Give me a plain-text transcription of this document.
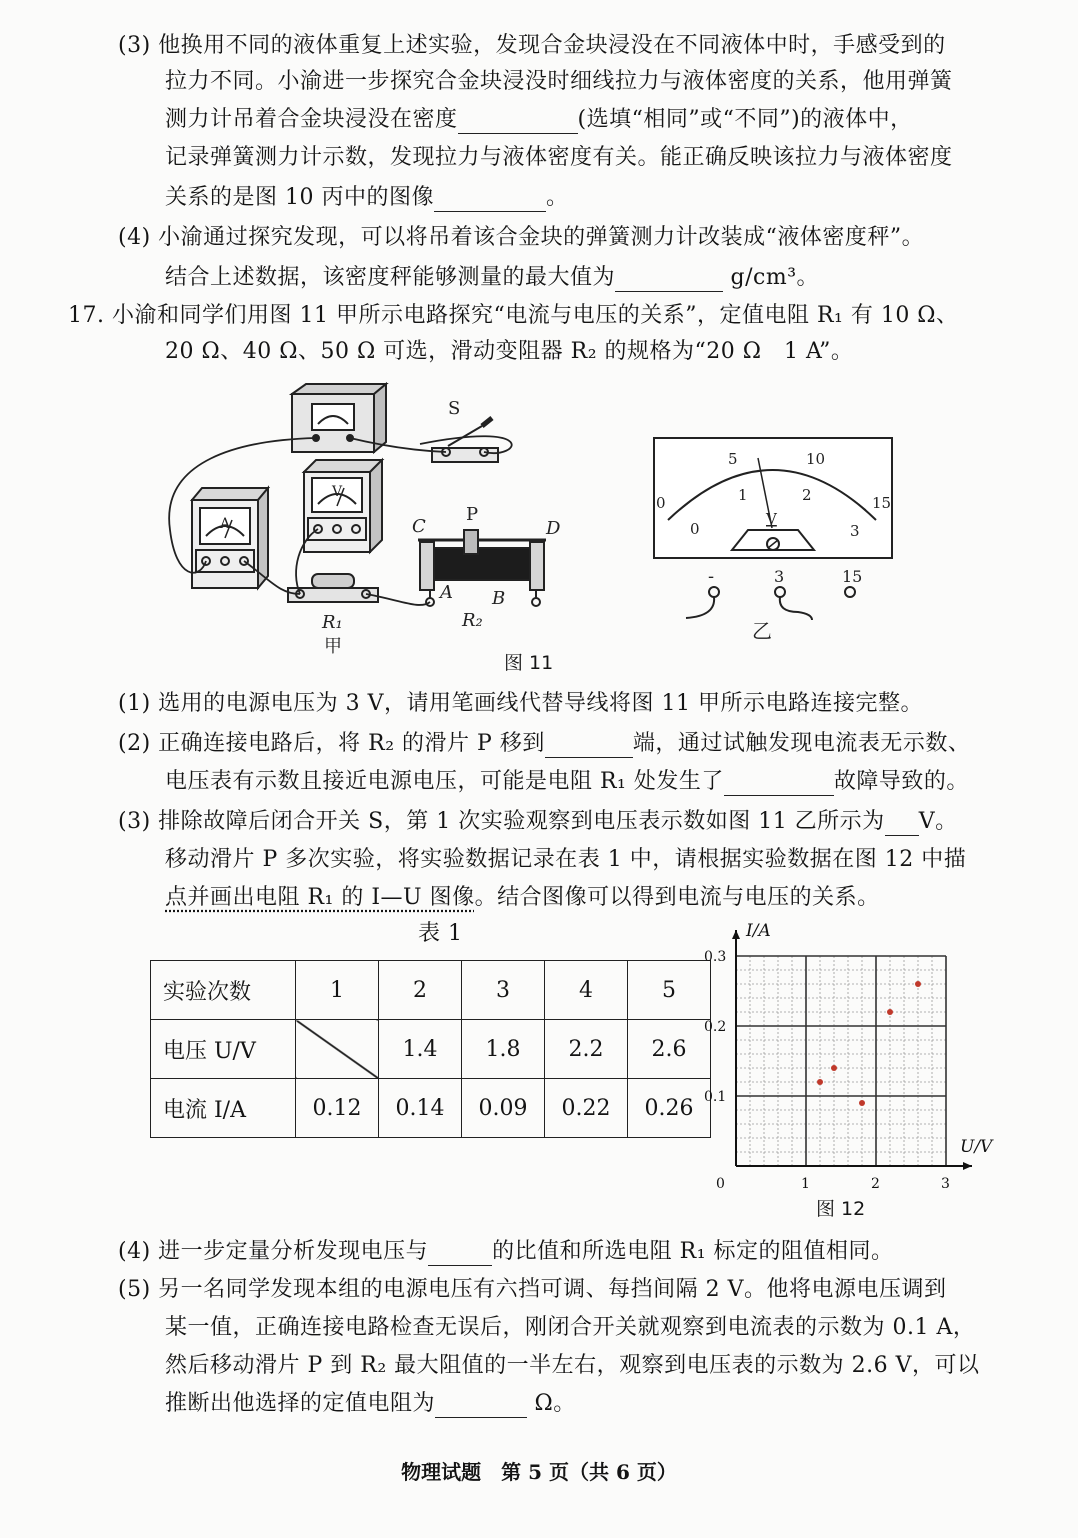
(3) 他换用不同的液体重复上述实验，发现合金块浸没在不同液体中时，手感受到的
拉力不同。小渝进一步探究合金块浸没时细线拉力与液体密度的关系，他用弹簧
测力计吊着合金块浸没在密度	(选填“相同”或“不同”)的液体中，
记录弹簧测力计示数，发现拉力与液体密度有关。能正确反映该拉力与液体密度
关系的是图 10 丙中的图像	。
(4) 小渝通过探究发现，可以将吊着该合金块的弹簧测力计改装成“液体密度秤”。
结合上述数据，该密度秤能够测量的最大值为	g/cm³。
17. 小渝和同学们用图 11 甲所示电路探究“电流与电压的关系”，定值电阻 R₁ 有 10 Ω、
20 Ω、40 Ω、50 Ω 可选，滑动变阻器 R₂ 的规格为“20 Ω　1 A”。
S
A
V
R₁
甲
C
P
D
A B
R₂
0
5	10
15
0
1	2
3
V
-	3	15
乙
图 11
(1) 选用的电源电压为 3 V，请用笔画线代替导线将图 11 甲所示电路连接完整。
(2) 正确连接电路后，将 R₂ 的滑片 P 移到	端，通过试触发现电流表无示数、
电压表有示数且接近电源电压，可能是电阻 R₁ 处发生了	故障导致的。
(3) 排除故障后闭合开关 S，第 1 次实验观察到电压表示数如图 11 乙所示为 V。
移动滑片 P 多次实验，将实验数据记录在表 1 中，请根据实验数据在图 12 中描
点并画出电阻 R₁ 的 I—U 图像。结合图像可以得到电流与电压的关系。
表 1
实验次数	1	2	3	4	5
电压 U/V		1.4	1.8	2.2	2.6
电流 I/A	0.12	0.14	0.09	0.22	0.26
I/A
U/V
0.1
0.2
0.3
0	1	2	3
图 12
(4) 进一步定量分析发现电压与	的比值和所选电阻 R₁ 标定的阻值相同。
(5) 另一名同学发现本组的电源电压有六挡可调、每挡间隔 2 V。他将电源电压调到
某一值，正确连接电路检查无误后，刚闭合开关就观察到电流表的示数为 0.1 A，
然后移动滑片 P 到 R₂ 最大阻值的一半左右，观察到电压表的示数为 2.6 V，可以
推断出他选择的定值电阻为	Ω。
物理试题　第 5 页（共 6 页）
